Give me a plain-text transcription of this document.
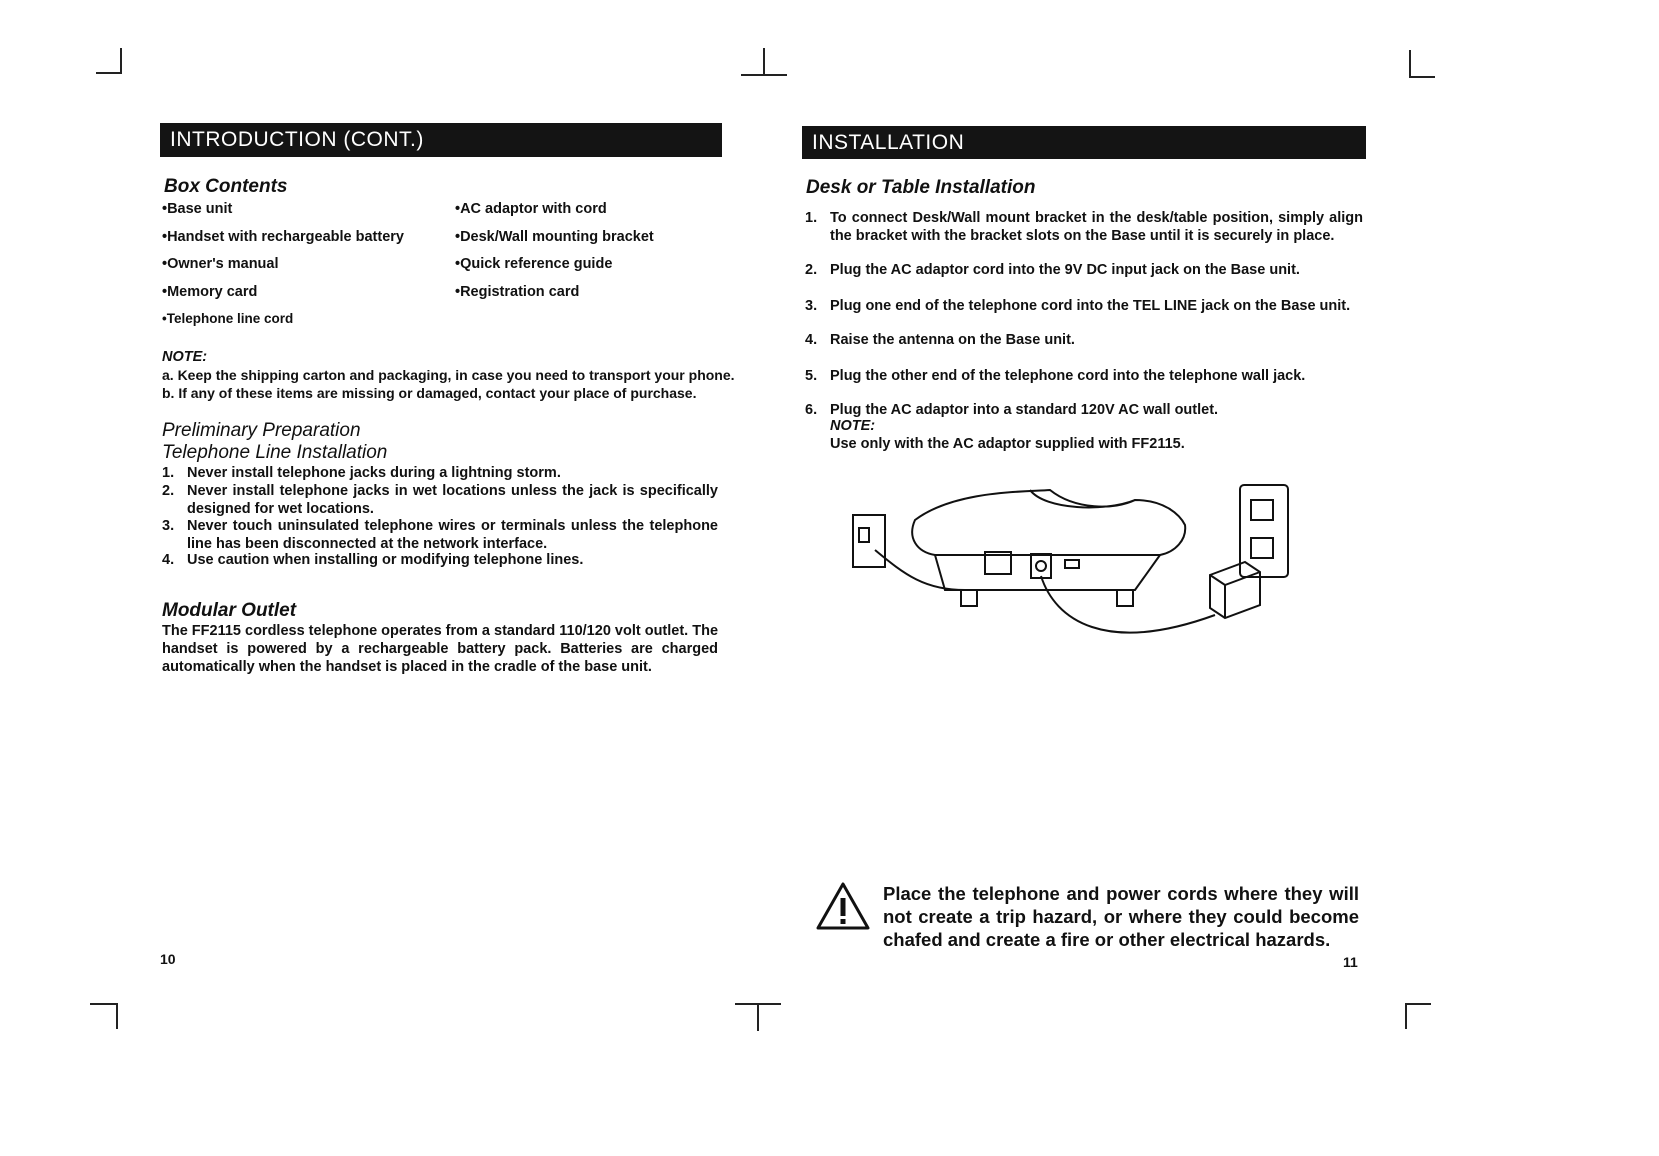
INTRODUCTION (CONT.)
Box Contents
•Base unit
•Handset with rechargeable battery
•Owner's manual
•Memory card
•Telephone line cord
•AC adaptor with cord
•Desk/Wall mounting bracket
•Quick reference guide
•Registration card
NOTE:
a. Keep the shipping carton and packaging, in case you need to transport your phone.
b. If any of these items are missing or damaged, contact your place of purchase.
Preliminary Preparation
Telephone Line Installation
1. Never install telephone jacks during a lightning storm.
2. Never install telephone jacks in wet locations unless the jack is specifically designed for wet locations.
3. Never touch uninsulated telephone wires or terminals unless the telephone line has been disconnected at the network interface.
4. Use caution when installing or modifying telephone lines.
Modular Outlet
The FF2115 cordless telephone operates from a standard 110/120 volt outlet. The handset is powered by a rechargeable battery pack. Batteries are charged automatically when the handset is placed in the cradle of the base unit.
10
INSTALLATION
Desk or Table Installation
1. To connect Desk/Wall mount bracket in the desk/table position, simply align the bracket with the bracket slots on the Base until it is securely in place.
2. Plug the AC adaptor cord into the 9V DC input jack on the Base unit.
3. Plug one end of the telephone cord into the TEL LINE jack on the Base unit.
4. Raise the antenna on the Base unit.
5. Plug the other end of the telephone cord into the telephone wall jack.
6. Plug the AC adaptor into a standard 120V AC wall outlet.
NOTE:
Use only with the AC adaptor supplied with FF2115.
Place the telephone and power cords where they will not create a trip hazard, or where they could become chafed and create a fire or other electrical hazards.
11
